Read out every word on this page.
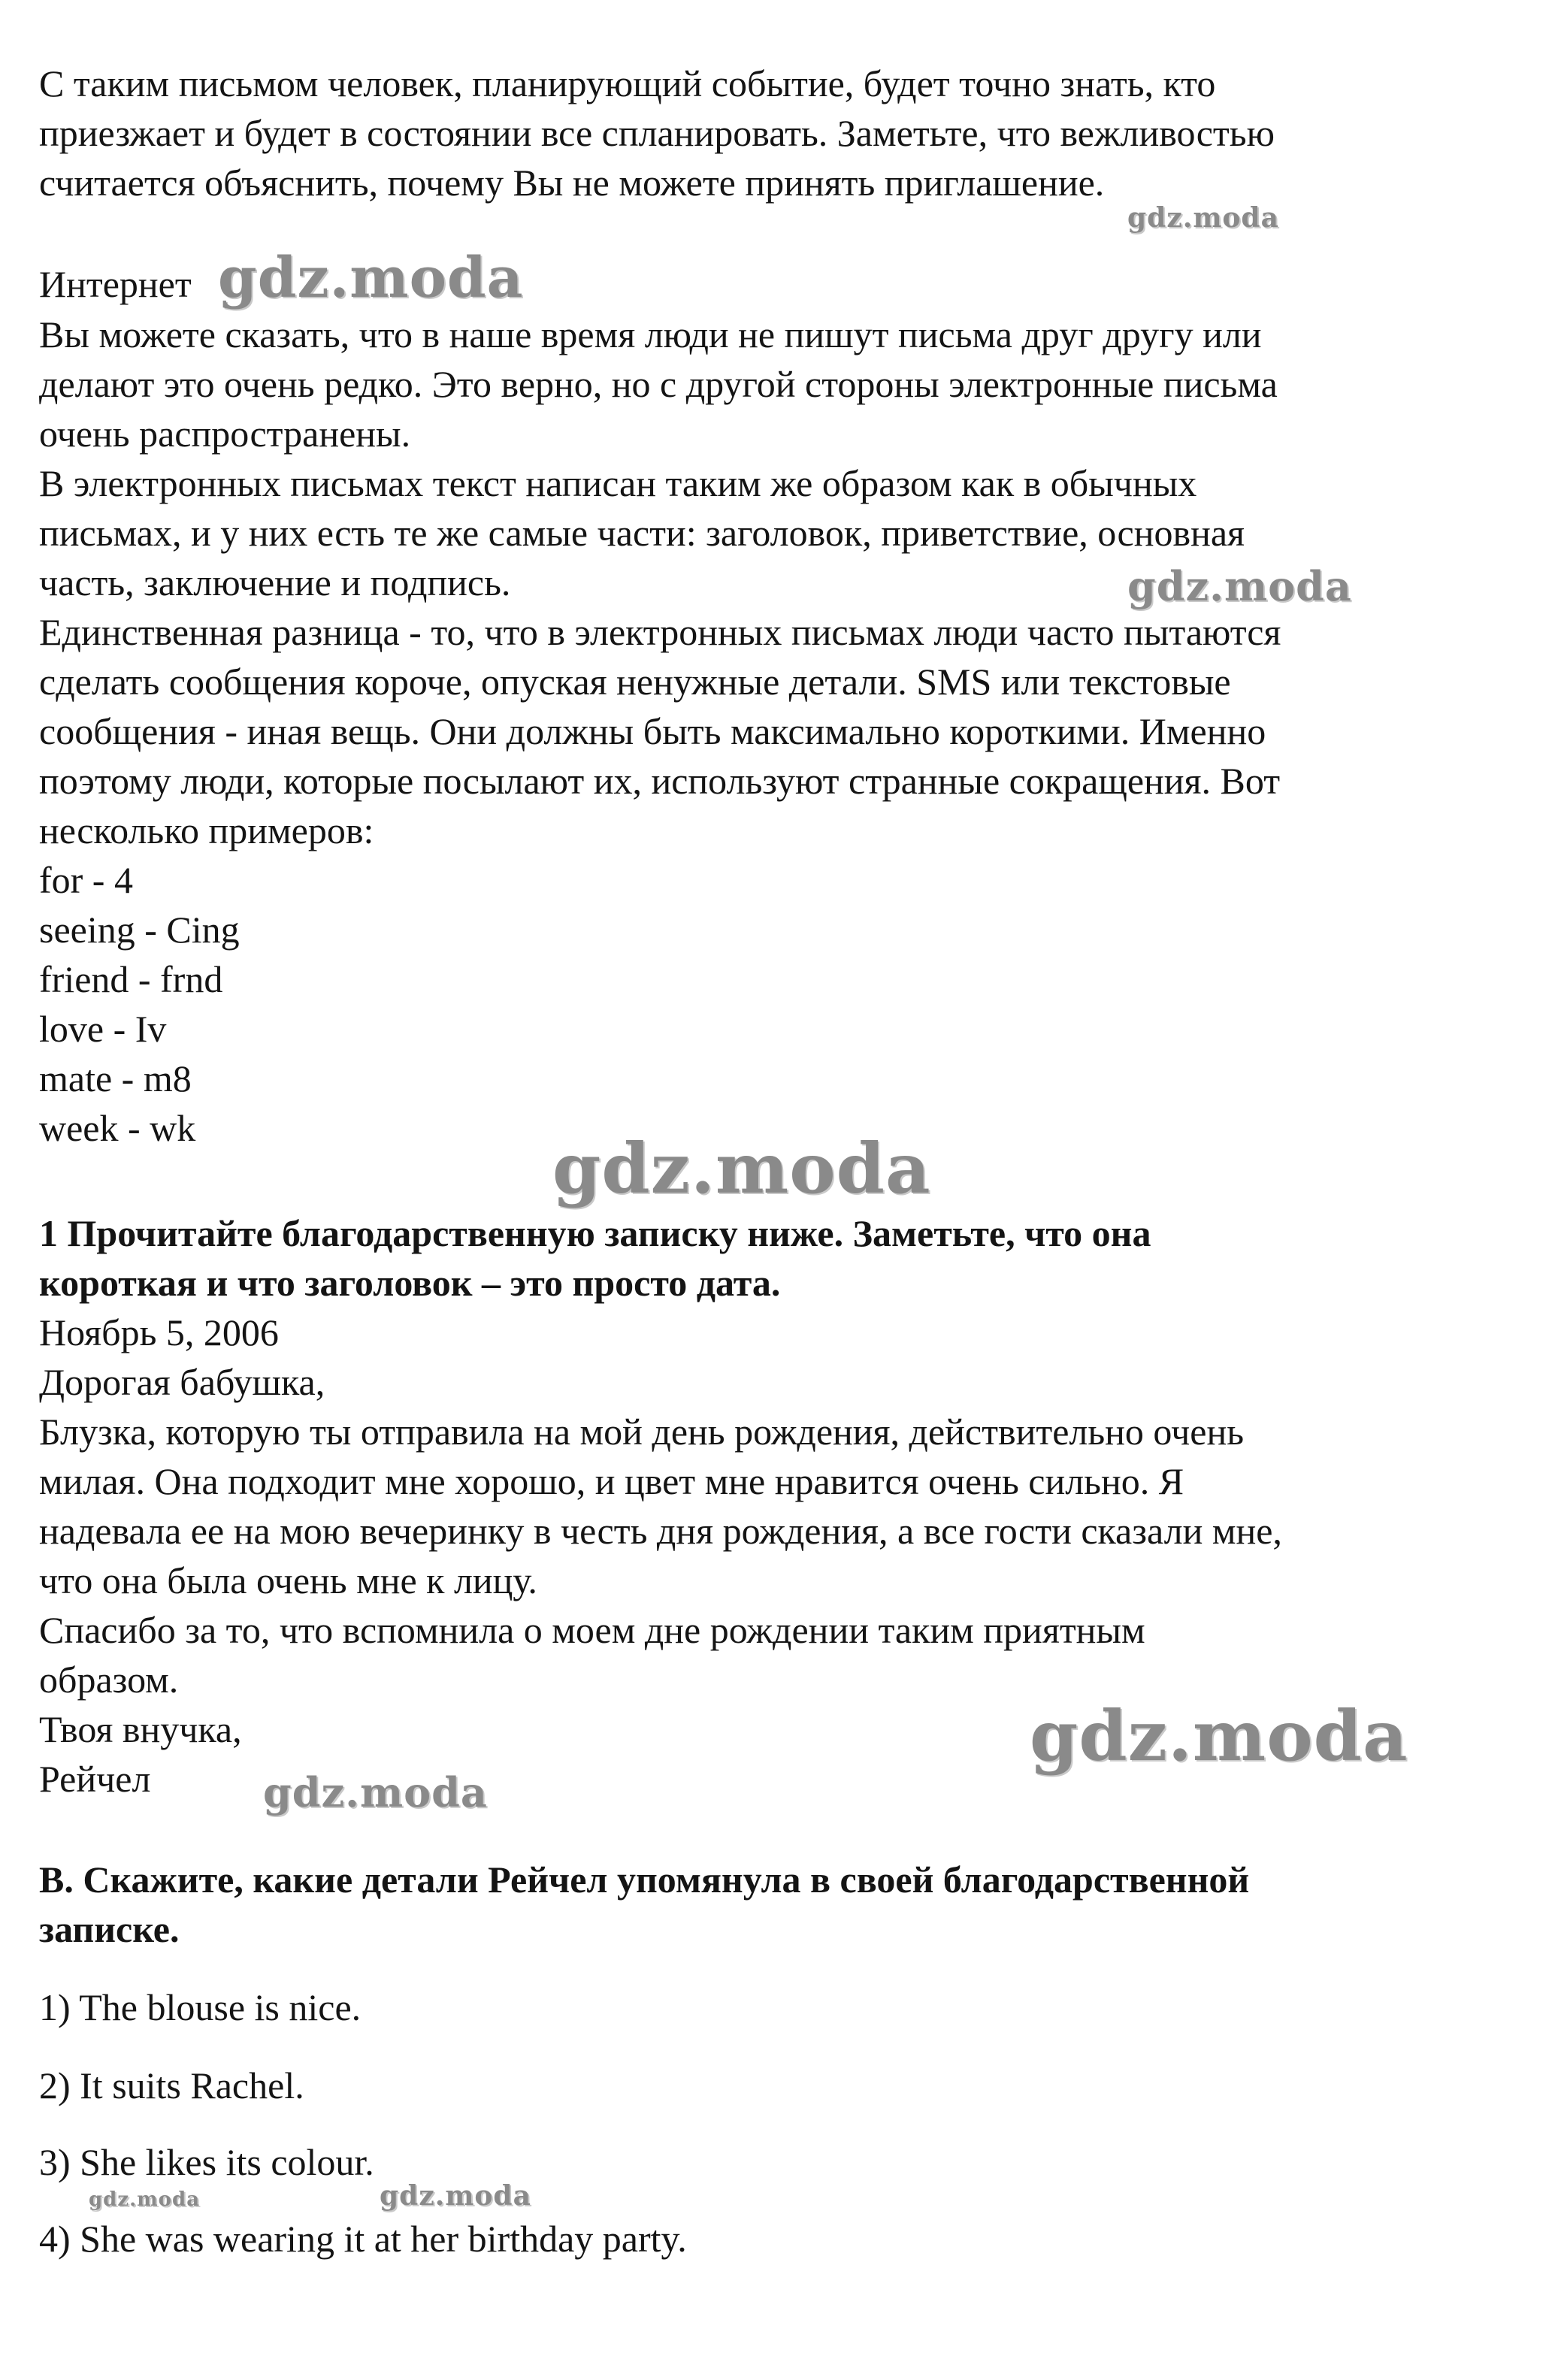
С таким письмом человек, планирующий событие, будет точно знать, кто
приезжает и будет в состоянии все спланировать. Заметьте, что вежливостью
считается объяснить, почему Вы не можете принять приглашение.
Интернет
Вы можете сказать, что в наше время люди не пишут письма друг другу или
делают это очень редко. Это верно, но с другой стороны электронные письма
очень распространены.
В электронных письмах текст написан таким же образом как в обычных
письмах, и у них есть те же самые части: заголовок, приветствие, основная
часть, заключение и подпись.
Единственная разница - то, что в электронных письмах люди часто пытаются
сделать сообщения короче, опуская ненужные детали. SMS или текстовые
сообщения - иная вещь. Они должны быть максимально короткими. Именно
поэтому люди, которые посылают их, используют странные сокращения. Вот
несколько примеров:
for - 4
seeing - Cing
friend - frnd
love - Iv
mate - m8
week - wk
1 Прочитайте благодарственную записку ниже. Заметьте, что она
короткая и что заголовок – это просто дата.
Ноябрь 5, 2006
Дорогая бабушка,
Блузка, которую ты отправила на мой день рождения, действительно очень
милая. Она подходит мне хорошо, и цвет мне нравится очень сильно. Я
надевала ее на мою вечеринку в честь дня рождения, а все гости сказали мне,
что она была очень мне к лицу.
Спасибо за то, что вспомнила о моем дне рождении таким приятным
образом.
Твоя внучка,
Рейчел
В. Скажите, какие детали Рейчел упомянула в своей благодарственной
записке.
1) The blouse is nice.
2) It suits Rachel.
3) She likes its colour.
4) She was wearing it at her birthday party.
gdz.moda
gdz.moda
gdz.moda
gdz.moda
gdz.moda
gdz.moda
gdz.moda	gdz.moda
